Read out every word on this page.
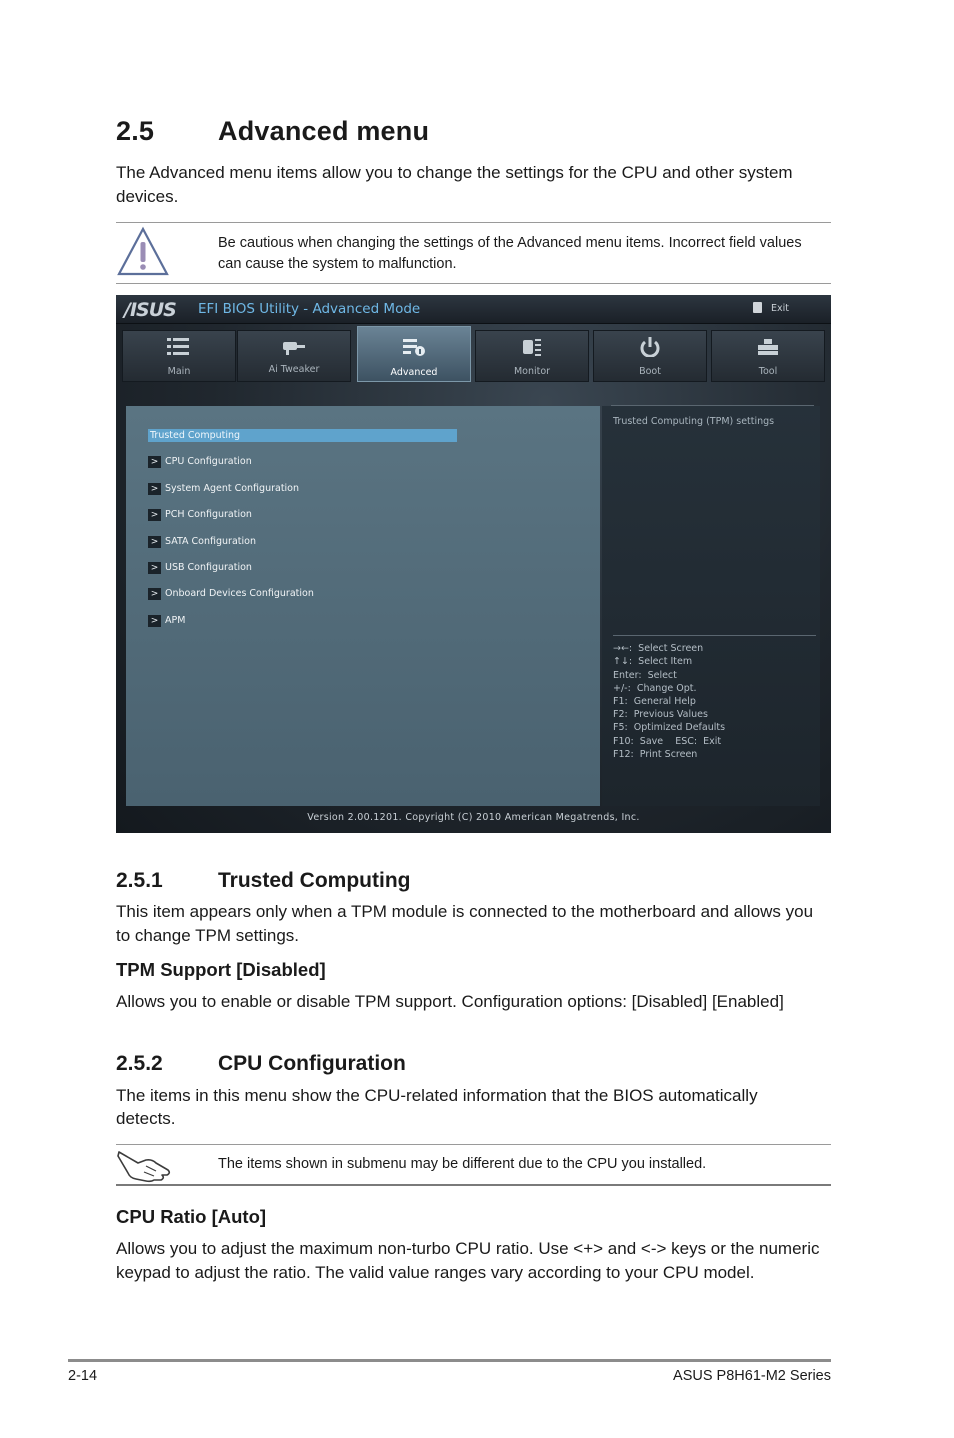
2.5 Advanced menu
The Advanced menu items allow you to change the settings for the CPU and other system
devices.
Be cautious when changing the settings of the Advanced menu items. Incorrect field values
can cause the system to malfunction.
/ISUS EFI BIOS Utility - Advanced Mode	Exit
Main	Ai Tweaker	Advanced	Monitor	Boot	Tool
Trusted Computing (TPM) settings
Trusted Computing
> CPU Configuration
> System Agent Configuration
> PCH Configuration
> SATA Configuration
> USB Configuration
> Onboard Devices Configuration
> APM
→←:  Select Screen
↑↓:  Select Item
Enter:  Select
+/-:  Change Opt.
F1:  General Help
F2:  Previous Values
F5:  Optimized Defaults
F10:  Save    ESC:  Exit
F12:  Print Screen
Version 2.00.1201. Copyright (C) 2010 American Megatrends, Inc.
2.5.1	Trusted Computing
This item appears only when a TPM module is connected to the motherboard and allows you
to change TPM settings.
TPM Support [Disabled]
Allows you to enable or disable TPM support. Configuration options: [Disabled] [Enabled]
2.5.2	CPU Configuration
The items in this menu show the CPU-related information that the BIOS automatically
detects.
The items shown in submenu may be different due to the CPU you installed.
CPU Ratio [Auto]
Allows you to adjust the maximum non-turbo CPU ratio. Use <+> and <-> keys or the numeric
keypad to adjust the ratio. The valid value ranges vary according to your CPU model.
2-14	ASUS P8H61-M2 Series
